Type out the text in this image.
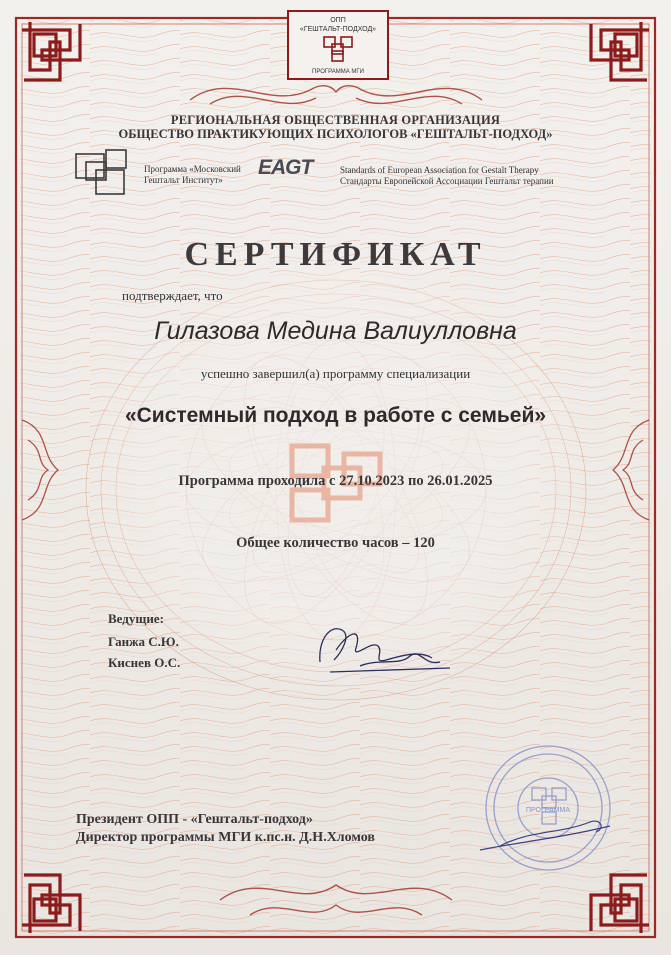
ПРОГРАММА
ОПП
«ГЕШТАЛЬТ-ПОДХОД»
ПРОГРАММА МГИ
РЕГИОНАЛЬНАЯ ОБЩЕСТВЕННАЯ ОРГАНИЗАЦИЯ
ОБЩЕСТВО ПРАКТИКУЮЩИХ ПСИХОЛОГОВ «ГЕШТАЛЬТ-ПОДХОД»
Программа «Московский
Гештальт Институт»
EAGT	Standards of European Association for Gestalt Therapy
Стандарты Европейской Ассоциации Гештальт терапии
СЕРТИФИКАТ
подтверждает, что
Гилазова Медина Валиулловна
успешно завершил(а) программу специализации
«Системный подход в работе с семьей»
Программа проходила с 27.10.2023 по 26.01.2025
Общее количество часов – 120
Ведущие:
Ганжа С.Ю.
Киснев О.С.
Президент ОПП - «Гештальт-подход»
Директор программы МГИ к.пс.н. Д.Н.Хломов
